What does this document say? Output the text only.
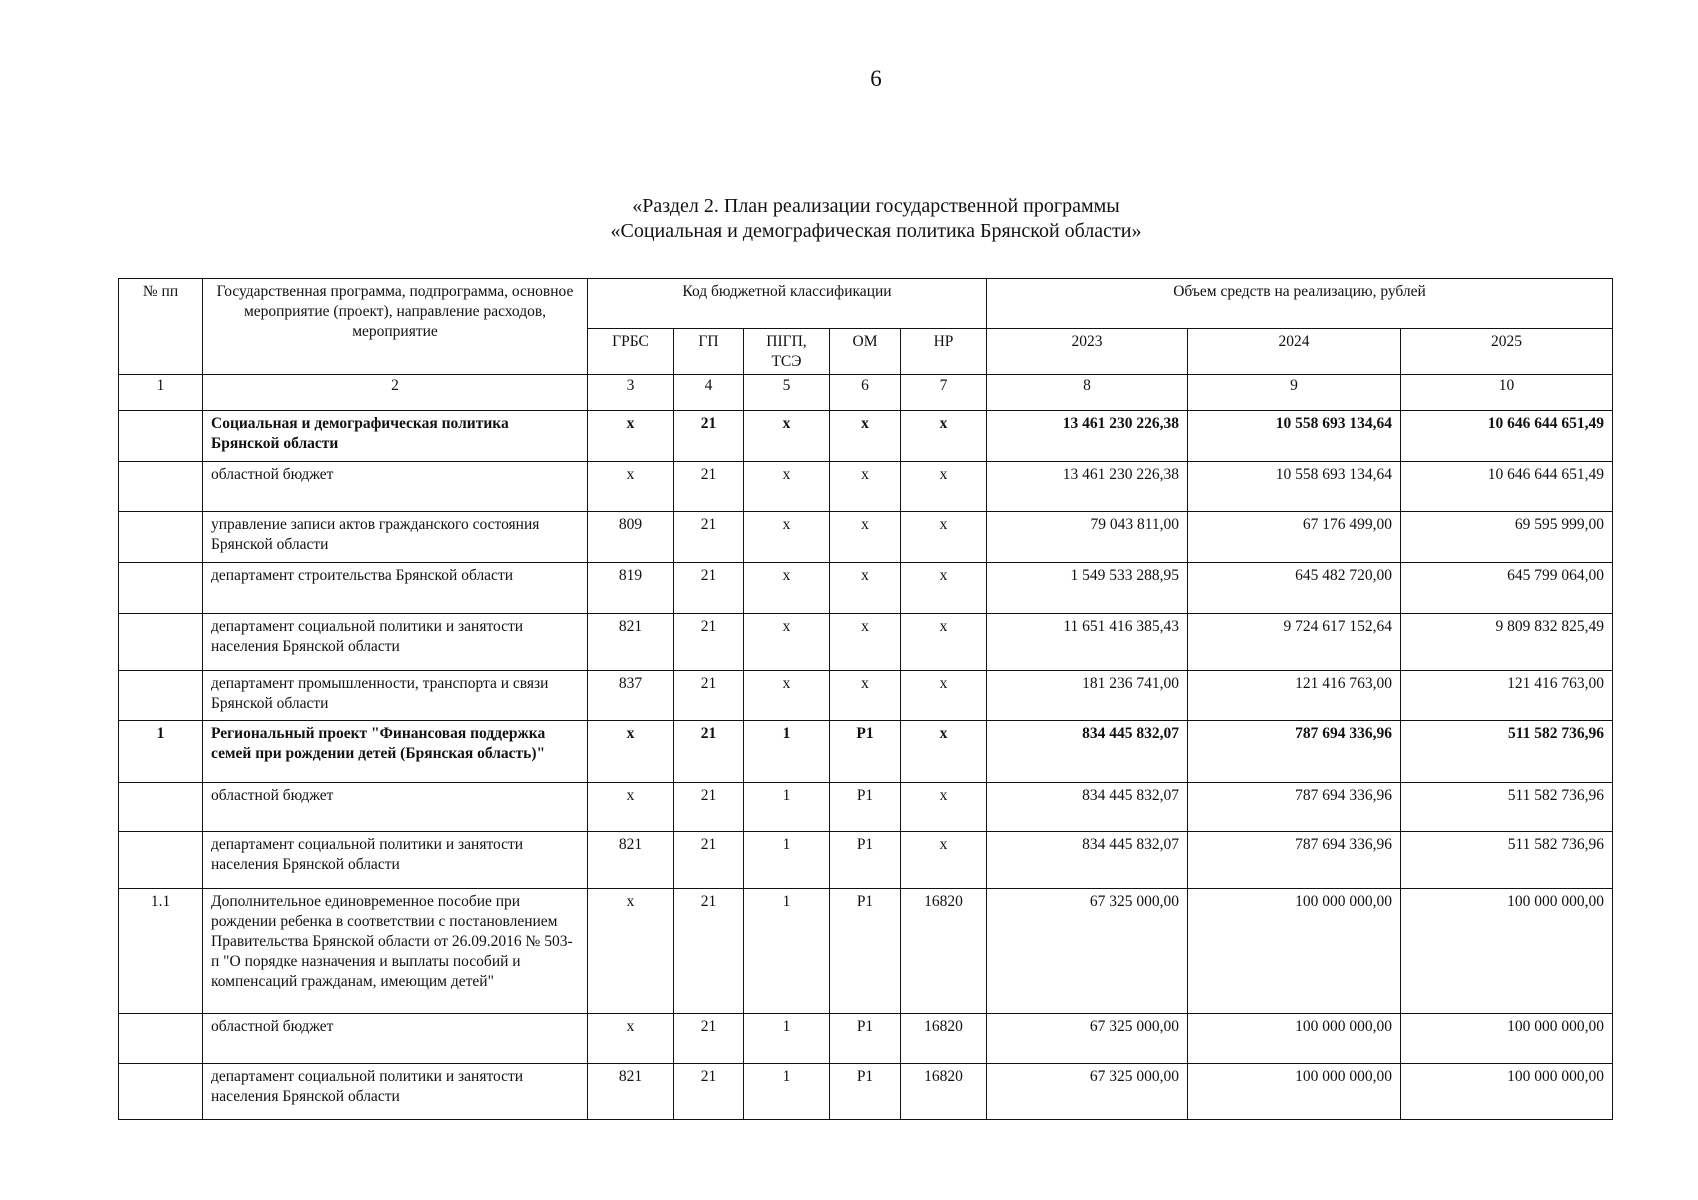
6
«Раздел 2. План реализации государственной программы
«Социальная и демографическая политика Брянской области»
№ пп	Государственная программа, подпрограмма, основное мероприятие (проект), направление расходов, мероприятие	Код бюджетной классификации					Объем средств на реализацию, рублей		
		ГРБС	ГП	ПІГП, ТСЭ	ОМ	НР	2023	2024	2025
1	2	3	4	5	6	7	8	9	10
	Социальная и демографическая политика Брянской области	х	21	х	х	х	13 461 230 226,38	10 558 693 134,64	10 646 644 651,49
	областной бюджет	х	21	х	х	х	13 461 230 226,38	10 558 693 134,64	10 646 644 651,49
	управление записи актов гражданского состояния Брянской области	809	21	х	х	х	79 043 811,00	67 176 499,00	69 595 999,00
	департамент строительства Брянской области	819	21	х	х	х	1 549 533 288,95	645 482 720,00	645 799 064,00
	департамент социальной политики и занятости населения Брянской области	821	21	х	х	х	11 651 416 385,43	9 724 617 152,64	9 809 832 825,49
	департамент промышленности, транспорта и связи Брянской области	837	21	х	х	х	181 236 741,00	121 416 763,00	121 416 763,00
1	Региональный проект "Финансовая поддержка семей при рождении детей (Брянская область)"	х	21	1	Р1	х	834 445 832,07	787 694 336,96	511 582 736,96
	областной бюджет	х	21	1	Р1	х	834 445 832,07	787 694 336,96	511 582 736,96
	департамент социальной политики и занятости населения Брянской области	821	21	1	Р1	х	834 445 832,07	787 694 336,96	511 582 736,96
1.1	Дополнительное единовременное пособие при рождении ребенка в соответствии с постановлением Правительства Брянской области от 26.09.2016 № 503-п "О порядке назначения и выплаты пособий и компенсаций гражданам, имеющим детей"	х	21	1	Р1	16820	67 325 000,00	100 000 000,00	100 000 000,00
	областной бюджет	х	21	1	Р1	16820	67 325 000,00	100 000 000,00	100 000 000,00
	департамент социальной политики и занятости населения Брянской области	821	21	1	Р1	16820	67 325 000,00	100 000 000,00	100 000 000,00
